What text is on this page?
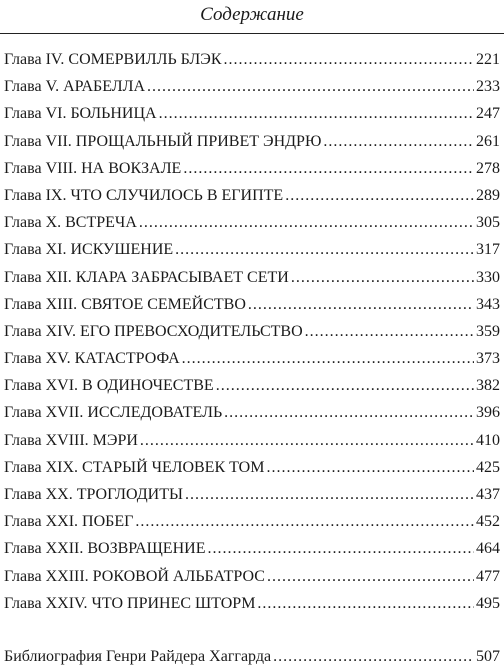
Содержание
Глава IV. СОМЕРВИЛЛЬ БЛЭК .....	221
Глава V. АРАБЕЛЛА .....	233
Глава VI. БОЛЬНИЦА .....	247
Глава VII. ПРОЩАЛЬНЫЙ ПРИВЕТ ЭНДРЮ .....	261
Глава VIII. НА ВОКЗАЛЕ .....	278
Глава IX. ЧТО СЛУЧИЛОСЬ В ЕГИПТЕ .....	289
Глава X. ВСТРЕЧА .....	305
Глава XI. ИСКУШЕНИЕ .....	317
Глава XII. КЛАРА ЗАБРАСЫВАЕТ СЕТИ .....	330
Глава XIII. СВЯТОЕ СЕМЕЙСТВО .....	343
Глава XIV. ЕГО ПРЕВОСХОДИТЕЛЬСТВО .....	359
Глава XV. КАТАСТРОФА .....	373
Глава XVI. В ОДИНОЧЕСТВЕ .....	382
Глава XVII. ИССЛЕДОВАТЕЛЬ .....	396
Глава XVIII. МЭРИ .....	410
Глава XIX. СТАРЫЙ ЧЕЛОВЕК ТОМ .....	425
Глава XX. ТРОГЛОДИТЫ .....	437
Глава XXI. ПОБЕГ .....	452
Глава XXII. ВОЗВРАЩЕНИЕ .....	464
Глава XXIII. РОКОВОЙ АЛЬБАТРОС .....	477
Глава XXIV. ЧТО ПРИНЕС ШТОРМ .....	495
Библиография Генри Райдера Хаггарда .....	507
